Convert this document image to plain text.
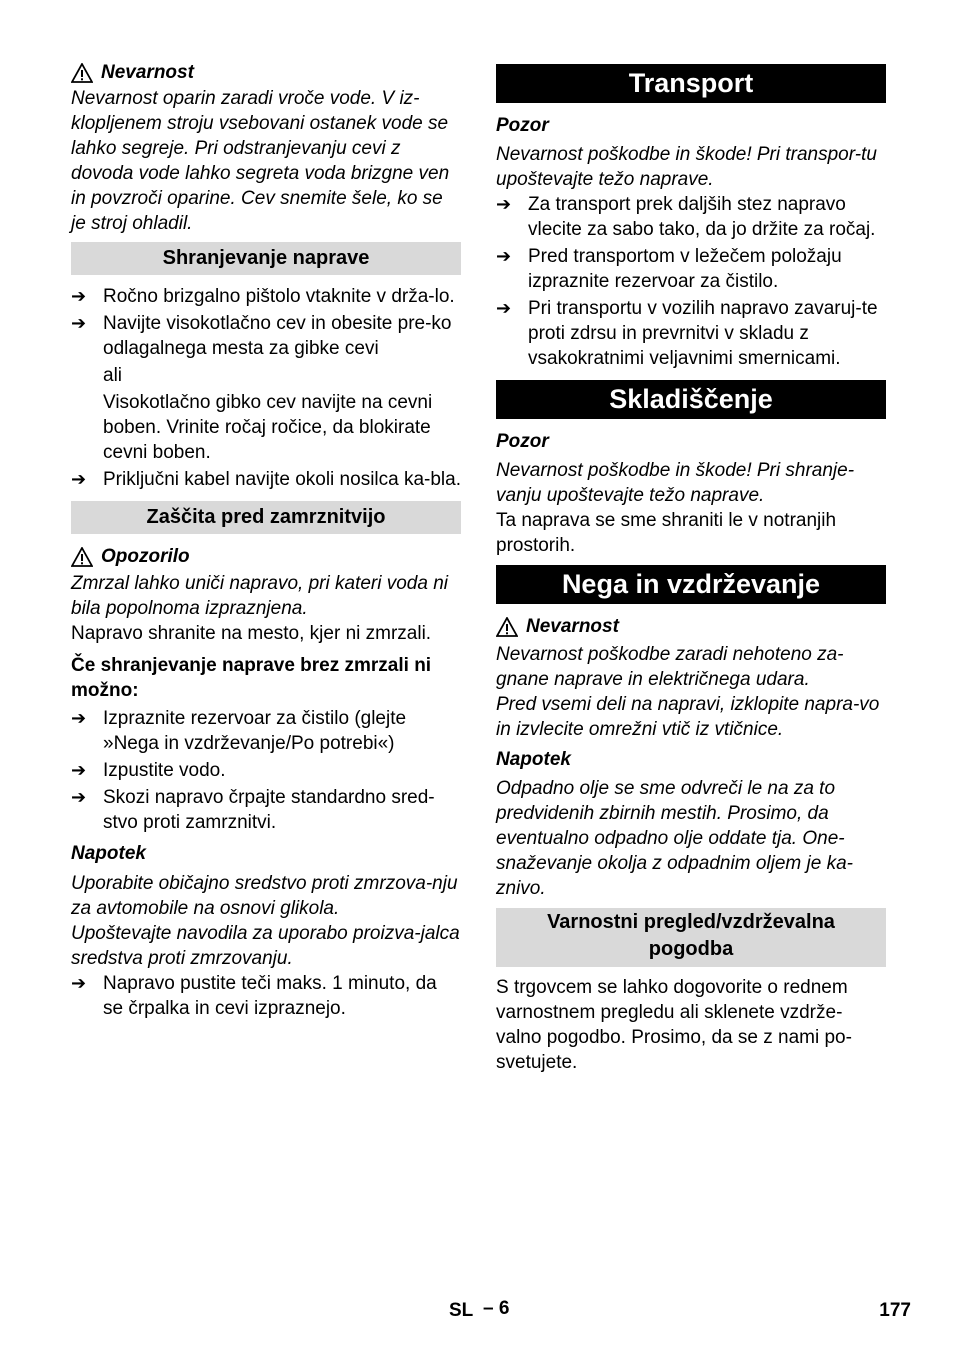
Nevarnost

Nevarnost oparin zaradi vroče vode. V iz-klopljenem stroju vsebovani ostanek vode se lahko segreje. Pri odstranjevanju cevi z dovoda vode lahko segreta voda brizgne ven in povzroči oparine. Cev snemite šele, ko se je stroj ohladil.

Shranjevanje naprave
➔ Ročno brizgalno pištolo vtaknite v drža-lo.
➔ Navijte visokotlačno cev in obesite pre-ko odlagalnega mesta za gibke cevi

ali

Visokotlačno gibko cev navijte na cevni boben. Vrinite ročaj ročice, da blokirate cevni boben.

➔ Priključni kabel navijte okoli nosilca ka-bla.
Zaščita pred zamrznitvijo
Opozorilo

Zmrzal lahko uniči napravo, pri kateri voda ni bila popolnoma izpraznjena.

Napravo shranite na mesto, kjer ni zmrzali.

Če shranjevanje naprave brez zmrzali ni možno:

➔ Izpraznite rezervoar za čistilo (glejte »Nega in vzdrževanje/Po potrebi«)
➔ Izpustite vodo.
➔ Skozi napravo črpajte standardno sred-stvo proti zamrznitvi.

Napotek

Uporabite običajno sredstvo proti zmrzova-nju za avtomobile na osnovi glikola.

Upoštevajte navodila za uporabo proizva-jalca sredstva proti zmrzovanju.

➔ Napravo pustite teči maks. 1 minuto, da se črpalka in cevi izpraznejo.
Transport

Pozor

Nevarnost poškodbe in škode! Pri transpor-tu upoštevajte težo naprave.

➔ Za transport prek daljših stez napravo vlecite za sabo tako, da jo držite za ročaj.
➔ Pred transportom v ležečem položaju izpraznite rezervoar za čistilo.
➔ Pri transportu v vozilih napravo zavaruj-te proti zdrsu in prevrnitvi v skladu z vsakokratnimi veljavnimi smernicami.
Skladiščenje

Pozor

Nevarnost poškodbe in škode! Pri shranje-vanju upoštevajte težo naprave.

Ta naprava se sme shraniti le v notranjih prostorih.

Nega in vzdrževanje
Nevarnost

Nevarnost poškodbe zaradi nehoteno za-gnane naprave in električnega udara.

Pred vsemi deli na napravi, izklopite napra-vo in izvlecite omrežni vtič iz vtičnice.

Napotek

Odpadno olje se sme odvreči le na za to predvidenih zbirnih mestih. Prosimo, da eventualno odpadno olje oddate tja. One-snaževanje okolja z odpadnim oljem je ka-znivo.

Varnostni pregled/vzdrževalna pogodba

S trgovcem se lahko dogovorite o rednem varnostnem pregledu ali sklenete vzdrže-valno pogodbo. Prosimo, da se z nami po-svetujete.

SL – 6	177
